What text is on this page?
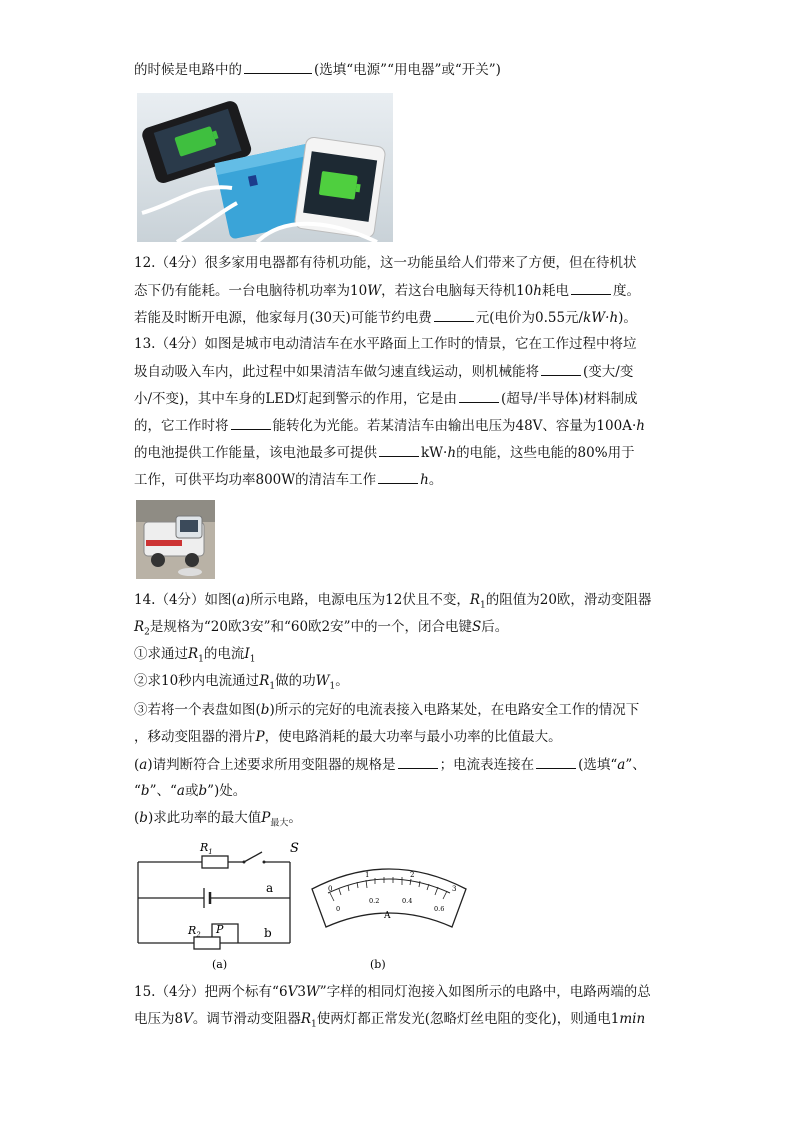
的时候是电路中的	(选填“电源”“用电器”或“开关”)
12.（4分）很多家用电器都有待机功能，这一功能虽给人们带来了方便，但在待机状
态下仍有能耗。一台电脑待机功率为10W，若这台电脑每天待机10h耗电	度。
若能及时断开电源，他家每月(30天)可能节约电费	元(电价为0.55元/kW·h)。
13.（4分）如图是城市电动清洁车在水平路面上工作时的情景，它在工作过程中将垃
圾自动吸入车内，此过程中如果清洁车做匀速直线运动，则机械能将	(变大/变
小/不变)，其中车身的LED灯起到警示的作用，它是由	(超导/半导体)材料制成
的，它工作时将	能转化为光能。若某清洁车由输出电压为48V、容量为100A·h
的电池提供工作能量，该电池最多可提供	kW·h的电能，这些电能的80%用于
工作，可供平均功率800W的清洁车工作	h。
14.（4分）如图(a)所示电路，电源电压为12伏且不变，$R_1$的阻值为20欧，滑动变阻器
$R_2$是规格为“20欧3安”和“60欧2安”中的一个，闭合电键S后。
①求通过$R_1$的电流$I_1$
②求10秒内电流通过$R_1$做的功$W_1$。
③若将一个表盘如图(b)所示的完好的电流表接入电路某处，在电路安全工作的情况下
，移动变阻器的滑片P，使电路消耗的最大功率与最小功率的比值最大。
(a)请判断符合上述要求所用变阻器的规格是	；电流表连接在	(选填“a”、
“b”、“a或b”)处。
(b)求此功率的最大值$P_{最大}$。
$R_1$	S
a
b
$R_2$ P
(a)
0
1	2
3
0
0.2	0.4
0.6
A
(b)
15.（4分）把两个标有“6V3W”字样的相同灯泡接入如图所示的电路中，电路两端的总
电压为8V。调节滑动变阻器$R_1$使两灯都正常发光(忽略灯丝电阻的变化)，则通电1min
